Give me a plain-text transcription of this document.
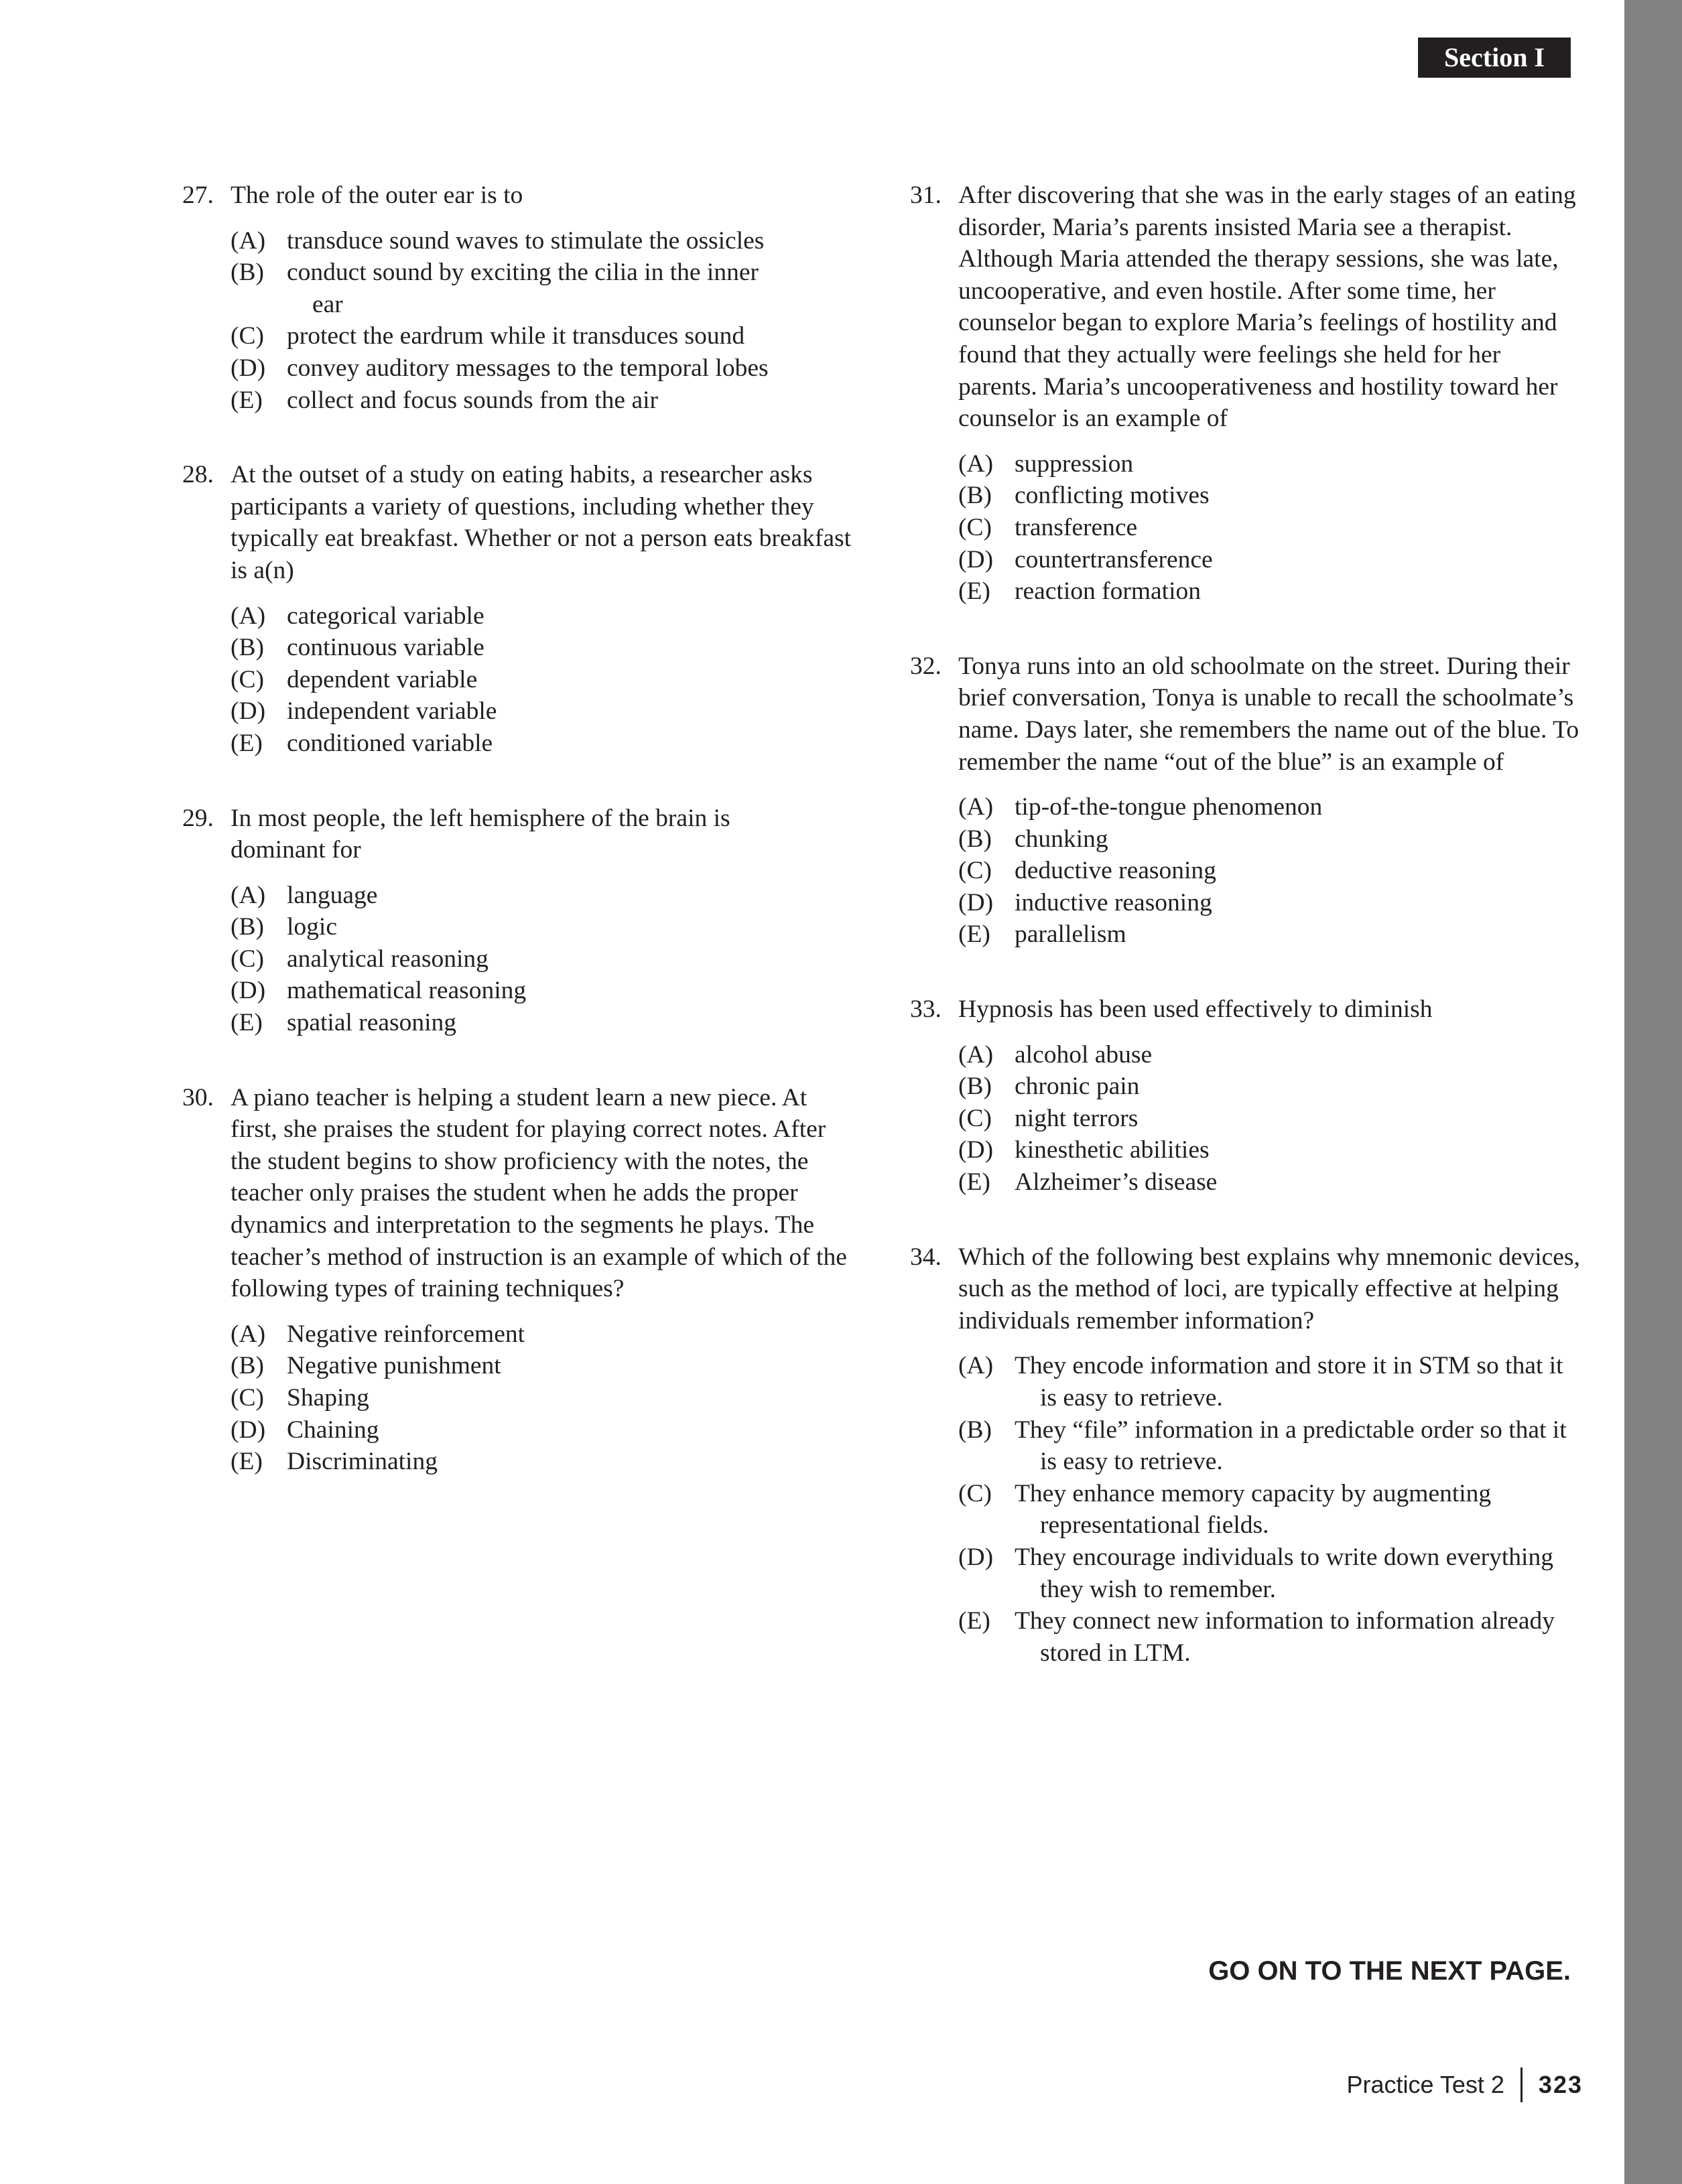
Section I
27. The role of the outer ear is to
(A) transduce sound waves to stimulate the ossicles
(B) conduct sound by exciting the cilia in the inner ear
(C) protect the eardrum while it transduces sound
(D) convey auditory messages to the temporal lobes
(E) collect and focus sounds from the air
28. At the outset of a study on eating habits, a researcher asks participants a variety of questions, including whether they typically eat breakfast. Whether or not a person eats breakfast is a(n)
(A) categorical variable
(B) continuous variable
(C) dependent variable
(D) independent variable
(E) conditioned variable
29. In most people, the left hemisphere of the brain is dominant for
(A) language
(B) logic
(C) analytical reasoning
(D) mathematical reasoning
(E) spatial reasoning
30. A piano teacher is helping a student learn a new piece. At first, she praises the student for playing correct notes. After the student begins to show proficiency with the notes, the teacher only praises the student when he adds the proper dynamics and interpretation to the segments he plays. The teacher’s method of instruction is an example of which of the following types of training techniques?
(A) Negative reinforcement
(B) Negative punishment
(C) Shaping
(D) Chaining
(E) Discriminating
31. After discovering that she was in the early stages of an eating disorder, Maria’s parents insisted Maria see a therapist. Although Maria attended the therapy sessions, she was late, uncooperative, and even hostile. After some time, her counselor began to explore Maria’s feelings of hostility and found that they actually were feelings she held for her parents. Maria’s uncooperativeness and hostility toward her counselor is an example of
(A) suppression
(B) conflicting motives
(C) transference
(D) countertransference
(E) reaction formation
32. Tonya runs into an old schoolmate on the street. During their brief conversation, Tonya is unable to recall the schoolmate’s name. Days later, she remembers the name out of the blue. To remember the name “out of the blue” is an example of
(A) tip-of-the-tongue phenomenon
(B) chunking
(C) deductive reasoning
(D) inductive reasoning
(E) parallelism
33. Hypnosis has been used effectively to diminish
(A) alcohol abuse
(B) chronic pain
(C) night terrors
(D) kinesthetic abilities
(E) Alzheimer’s disease
34. Which of the following best explains why mnemonic devices, such as the method of loci, are typically effective at helping individuals remember information?
(A) They encode information and store it in STM so that it is easy to retrieve.
(B) They “file” information in a predictable order so that it is easy to retrieve.
(C) They enhance memory capacity by augmenting representational fields.
(D) They encourage individuals to write down everything they wish to remember.
(E) They connect new information to information already stored in LTM.
GO ON TO THE NEXT PAGE.
Practice Test 2 323
